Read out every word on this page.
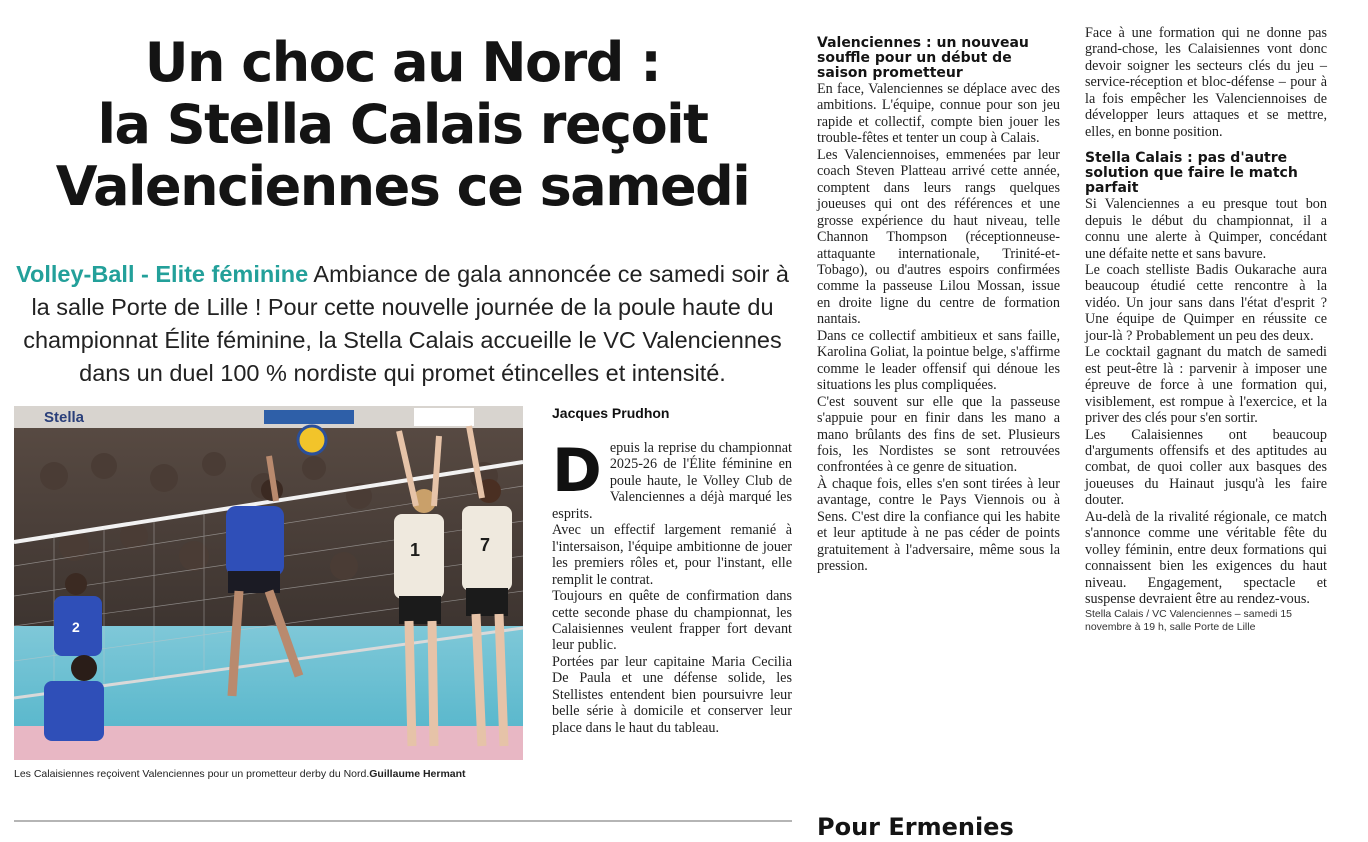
Un choc au Nord :
la Stella Calais reçoit
Valenciennes ce samedi

Volley-Ball - Elite féminine Ambiance de gala annoncée ce samedi soir à la salle Porte de Lille ! Pour cette nouvelle journée de la poule haute du championnat Élite féminine, la Stella Calais accueille le VC Valenciennes dans un duel 100 % nordiste qui promet étincelles et intensité.

Stella
1	7
2

Les Calaisiennes reçoivent Valenciennes pour un prometteur derby du Nord.Guillaume Hermant

Jacques Prudhon

D epuis la reprise du championnat 2025-26 de l'Élite féminine en poule haute, le Volley Club de Valenciennes a déjà marqué les esprits.

Avec un effectif largement remanié à l'intersaison, l'équipe ambitionne de jouer les premiers rôles et, pour l'instant, elle remplit le contrat.

Toujours en quête de confirmation dans cette seconde phase du championnat, les Calaisiennes veulent frapper fort devant leur public.

Portées par leur capitaine Maria Cecilia De Paula et une défense solide, les Stellistes entendent bien poursuivre leur belle série à domicile et conserver leur place dans le haut du tableau.

Valenciennes : un nouveau souffle pour un début de saison prometteur

En face, Valenciennes se déplace avec des ambitions. L'équipe, connue pour son jeu rapide et collectif, compte bien jouer les trouble-fêtes et tenter un coup à Calais.

Les Valenciennoises, emmenées par leur coach Steven Platteau arrivé cette année, comptent dans leurs rangs quelques joueuses qui ont des références et une grosse expérience du haut niveau, telle Channon Thompson (réceptionneuse-attaquante internationale, Trinité-et-Tobago), ou d'autres espoirs confirmées comme la passeuse Lilou Mossan, issue en droite ligne du centre de formation nantais.

Dans ce collectif ambitieux et sans faille, Karolina Goliat, la pointue belge, s'affirme comme le leader offensif qui dénoue les situations les plus compliquées.

C'est souvent sur elle que la passeuse s'appuie pour en finir dans les mano a mano brûlants des fins de set. Plusieurs fois, les Nordistes se sont retrouvées confrontées à ce genre de situation.

À chaque fois, elles s'en sont tirées à leur avantage, contre le Pays Viennois ou à Sens. C'est dire la confiance qui les habite et leur aptitude à ne pas céder de points gratuitement à l'adversaire, même sous la pression.

Face à une formation qui ne donne pas grand-chose, les Calaisiennes vont donc devoir soigner les secteurs clés du jeu – service-réception et bloc-défense – pour à la fois empêcher les Valenciennoises de développer leurs attaques et se mettre, elles, en bonne position.

Stella Calais : pas d'autre solution que faire le match parfait

Si Valenciennes a eu presque tout bon depuis le début du championnat, il a connu une alerte à Quimper, concédant une défaite nette et sans bavure.

Le coach stelliste Badis Oukarache aura beaucoup étudié cette rencontre à la vidéo. Un jour sans dans l'état d'esprit ? Une équipe de Quimper en réussite ce jour-là ? Probablement un peu des deux.

Le cocktail gagnant du match de samedi est peut-être là : parvenir à imposer une épreuve de force à une formation qui, visiblement, est rompue à l'exercice, et la priver des clés pour s'en sortir.

Les Calaisiennes ont beaucoup d'arguments offensifs et des aptitudes au combat, de quoi coller aux basques des joueuses du Hainaut jusqu'à les faire douter.

Au-delà de la rivalité régionale, ce match s'annonce comme une véritable fête du volley féminin, entre deux formations qui connaissent bien les exigences du haut niveau. Engagement, spectacle et suspense devraient être au rendez-vous.

Stella Calais / VC Valenciennes – samedi 15 novembre à 19 h, salle Porte de Lille

Pour Ermenies
